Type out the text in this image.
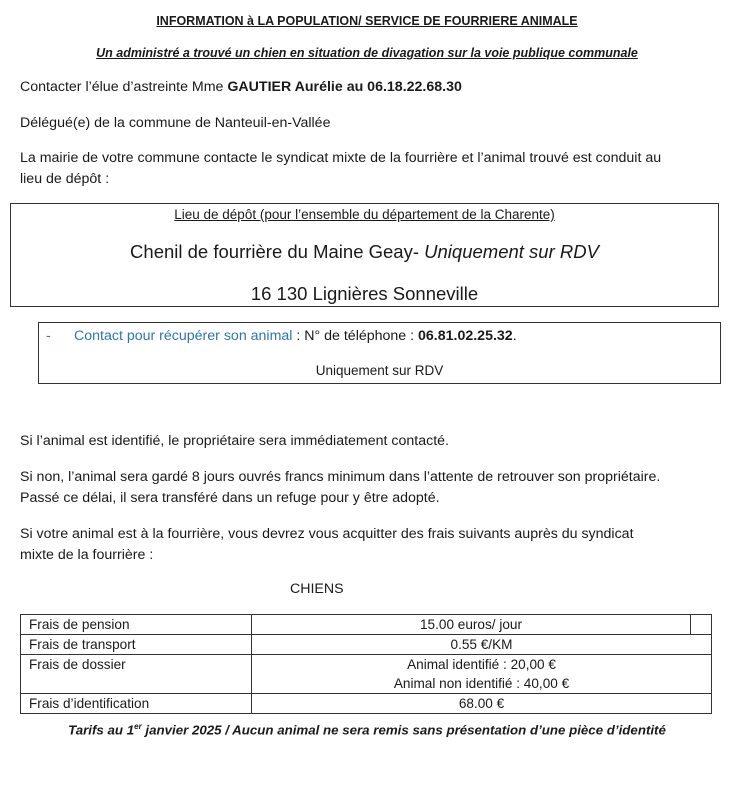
INFORMATION à LA POPULATION/ SERVICE DE FOURRIERE ANIMALE
Un administré a trouvé un chien en situation de divagation sur la voie publique communale
Contacter l’élue d’astreinte Mme GAUTIER Aurélie au 06.18.22.68.30
Délégué(e) de la commune de Nanteuil-en-Vallée
La mairie de votre commune contacte le syndicat mixte de la fourrière et l’animal trouvé est conduit au
lieu de dépôt :
Lieu de dépôt (pour l’ensemble du département de la Charente)
Chenil de fourrière du Maine Geay- Uniquement sur RDV
16 130 Lignières Sonneville
- Contact pour récupérer son animal : N° de téléphone : 06.81.02.25.32.
Uniquement sur RDV
Si l’animal est identifié, le propriétaire sera immédiatement contacté.
Si non, l’animal sera gardé 8 jours ouvrés francs minimum dans l’attente de retrouver son propriétaire.
Passé ce délai, il sera transféré dans un refuge pour y être adopté.
Si votre animal est à la fourrière, vous devrez vous acquitter des frais suivants auprès du syndicat
mixte de la fourrière :
CHIENS
Frais de pension	15.00 euros/ jour	
Frais de transport	0.55 €/KM	
Frais de dossier	Animal identifié : 20,00 €
Animal non identifié : 40,00 €	

Frais d’identification	68.00 €	
Tarifs au 1er janvier 2025 / Aucun animal ne sera remis sans présentation d’une pièce d’identité
